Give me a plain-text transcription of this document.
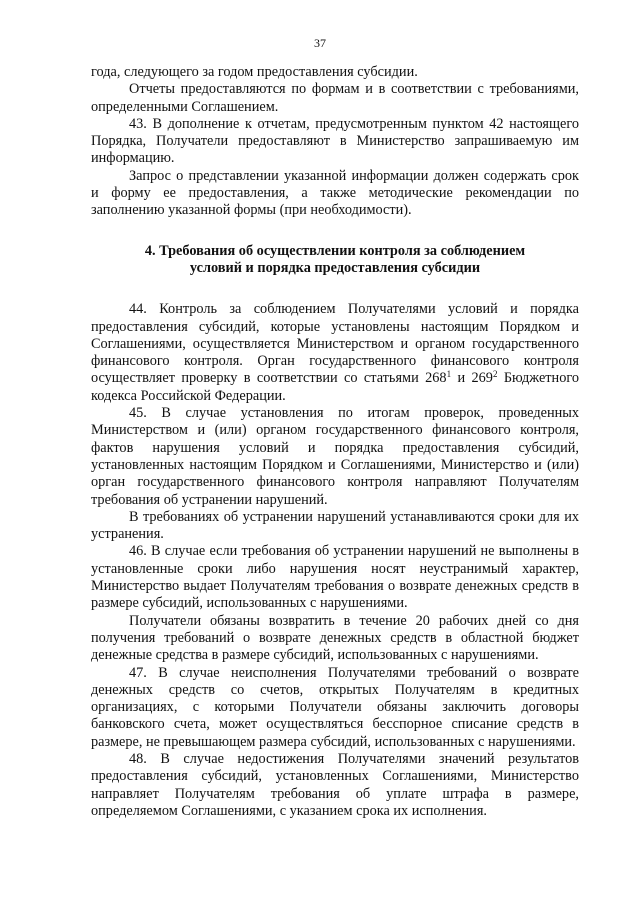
37

года, следующего за годом предоставления субсидии.

Отчеты предоставляются по формам и в соответствии с требованиями, определенными Соглашением.

43. В дополнение к отчетам, предусмотренным пунктом 42 настоящего Порядка, Получатели предоставляют в Министерство запрашиваемую им информацию.

Запрос о представлении указанной информации должен содержать срок и форму ее предоставления, а также методические рекомендации по заполнению указанной формы (при необходимости).

4. Требования об осуществлении контроля за соблюдением
условий и порядка предоставления субсидии

44. Контроль за соблюдением Получателями условий и порядка предоставления субсидий, которые установлены настоящим Порядком и Соглашениями, осуществляется Министерством и органом государственного финансового контроля. Орган государственного финансового контроля осуществляет проверку в соответствии со статьями $268^1$ и $269^2$ Бюджетного кодекса Российской Федерации.

45. В случае установления по итогам проверок, проведенных Министерством и (или) органом государственного финансового контроля, фактов нарушения условий и порядка предоставления субсидий, установленных настоящим Порядком и Соглашениями, Министерство и (или) орган государственного финансового контроля направляют Получателям требования об устранении нарушений.

В требованиях об устранении нарушений устанавливаются сроки для их устранения.

46. В случае если требования об устранении нарушений не выполнены в установленные сроки либо нарушения носят неустранимый характер, Министерство выдает Получателям требования о возврате денежных средств в размере субсидий, использованных с нарушениями.

Получатели обязаны возвратить в течение 20 рабочих дней со дня получения требований о возврате денежных средств в областной бюджет денежные средства в размере субсидий, использованных с нарушениями.

47. В случае неисполнения Получателями требований о возврате денежных средств со счетов, открытых Получателям в кредитных организациях, с которыми Получатели обязаны заключить договоры банковского счета, может осуществляться бесспорное списание средств в размере, не превышающем размера субсидий, использованных с нарушениями.

48. В случае недостижения Получателями значений результатов предоставления субсидий, установленных Соглашениями, Министерство направляет Получателям требования об уплате штрафа в размере, определяемом Соглашениями, с указанием срока их исполнения.
